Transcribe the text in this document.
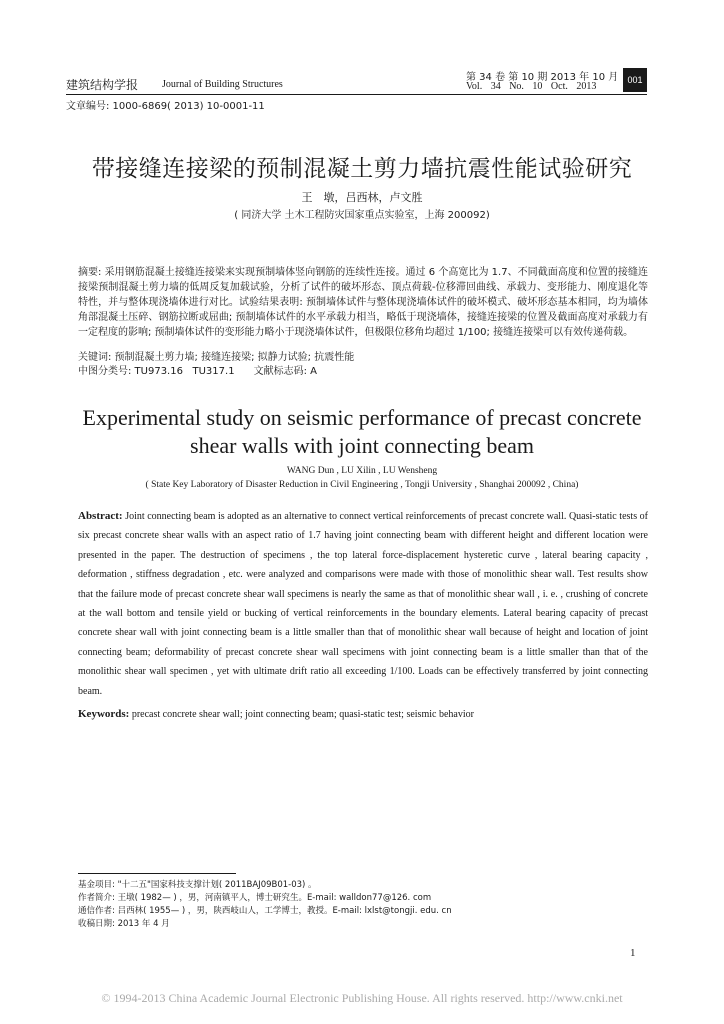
建筑结构学报 Journal of Building Structures
第 34 卷 第 10 期 2013 年 10 月
Vol. 34 No. 10 Oct. 2013
001
文章编号: 1000-6869( 2013) 10-0001-11
带接缝连接梁的预制混凝土剪力墙抗震性能试验研究
王　墩，吕西林，卢文胜
( 同济大学 土木工程防灾国家重点实验室，上海 200092)
摘要: 采用钢筋混凝土接缝连接梁来实现预制墙体竖向钢筋的连续性连接。通过 6 个高宽比为 1.7、不同截面高度和位置的接缝连接梁预制混凝土剪力墙的低周反复加载试验，分析了试件的破坏形态、顶点荷载-位移滞回曲线、承载力、变形能力、刚度退化等特性，并与整体现浇墙体进行对比。试验结果表明: 预制墙体试件与整体现浇墙体试件的破坏模式、破坏形态基本相同，均为墙体角部混凝土压碎、钢筋拉断或屈曲; 预制墙体试件的水平承载力相当，略低于现浇墙体，接缝连接梁的位置及截面高度对承载力有一定程度的影响; 预制墙体试件的变形能力略小于现浇墙体试件，但极限位移角均超过 1/100; 接缝连接梁可以有效传递荷载。
关键词: 预制混凝土剪力墙; 接缝连接梁; 拟静力试验; 抗震性能
中图分类号: TU973.16   TU317.1      文献标志码: A
Experimental study on seismic performance of precast concrete
shear walls with joint connecting beam
WANG Dun , LU Xilin , LU Wensheng
( State Key Laboratory of Disaster Reduction in Civil Engineering , Tongji University , Shanghai 200092 , China)
Abstract: Joint connecting beam is adopted as an alternative to connect vertical reinforcements of precast concrete wall. Quasi-static tests of six precast concrete shear walls with an aspect ratio of 1.7 having joint connecting beam with different height and different location were presented in the paper. The destruction of specimens , the top lateral force-displacement hysteretic curve , lateral bearing capacity , deformation , stiffness degradation , etc. were analyzed and comparisons were made with those of monolithic shear wall. Test results show that the failure mode of precast concrete shear wall specimens is nearly the same as that of monolithic shear wall , i. e. , crushing of concrete at the wall bottom and tensile yield or bucking of vertical reinforcements in the boundary elements. Lateral bearing capacity of precast concrete shear wall with joint connecting beam is a little smaller than that of monolithic shear wall because of height and location of joint connecting beam; deformability of precast concrete shear wall specimens with joint connecting beam is a little smaller than that of the monolithic shear wall specimen , yet with ultimate drift ratio all exceeding 1/100. Loads can be effectively transferred by joint connecting beam.
Keywords: precast concrete shear wall; joint connecting beam; quasi-static test; seismic behavior
基金项目: "十二五"国家科技支撑计划( 2011BAJ09B01-03) 。
作者简介: 王墩( 1982— ) ，男，河南镇平人，博士研究生。E-mail: walldon77@126. com
通信作者: 吕西林( 1955— ) ，男，陕西岐山人，工学博士，教授。E-mail: lxlst@tongji. edu. cn
收稿日期: 2013 年 4 月
1
© 1994-2013 China Academic Journal Electronic Publishing House. All rights reserved. http://www.cnki.net
